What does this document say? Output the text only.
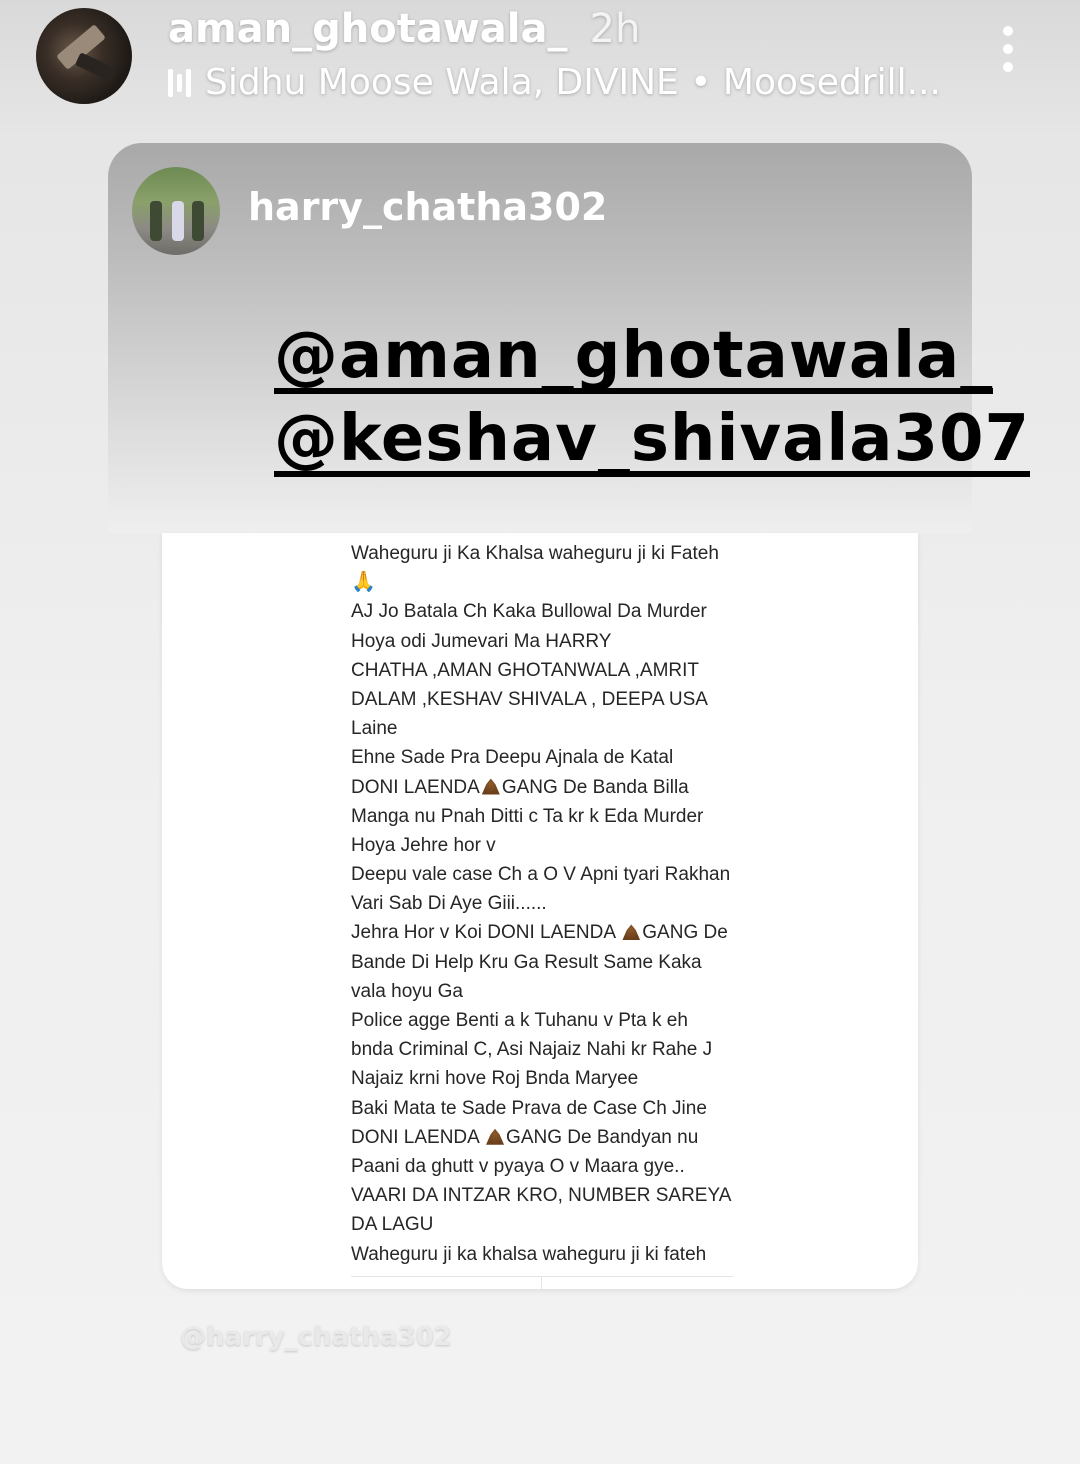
aman_ghotawala_ 2h
Sidhu Moose Wala, DIVINE • Moosedrill...
harry_chatha302
@aman_ghotawala_
@keshav_shivala307
Waheguru ji Ka Khalsa waheguru ji ki Fateh
🙏
AJ Jo Batala Ch Kaka Bullowal Da Murder
Hoya odi Jumevari Ma HARRY
CHATHA ,AMAN GHOTANWALA ,AMRIT
DALAM ,KESHAV SHIVALA , DEEPA USA
Laine
Ehne Sade Pra Deepu Ajnala de Katal
DONI LAENDA GANG De Banda Billa
Manga nu Pnah Ditti c Ta kr k Eda Murder
Hoya Jehre hor v
Deepu vale case Ch a O V Apni tyari Rakhan
Vari Sab Di Aye Giii......
Jehra Hor v Koi DONI LAENDA GANG De
Bande Di Help Kru Ga Result Same Kaka
vala hoyu Ga
Police agge Benti a k Tuhanu v Pta k eh
bnda Criminal C, Asi Najaiz Nahi kr Rahe J
Najaiz krni hove Roj Bnda Maryee
Baki Mata te Sade Prava de Case Ch Jine
DONI LAENDA GANG De Bandyan nu
Paani da ghutt v pyaya O v Maara gye..
VAARI DA INTZAR KRO, NUMBER SAREYA
DA LAGU
Waheguru ji ka khalsa waheguru ji ki fateh
@harry_chatha302
